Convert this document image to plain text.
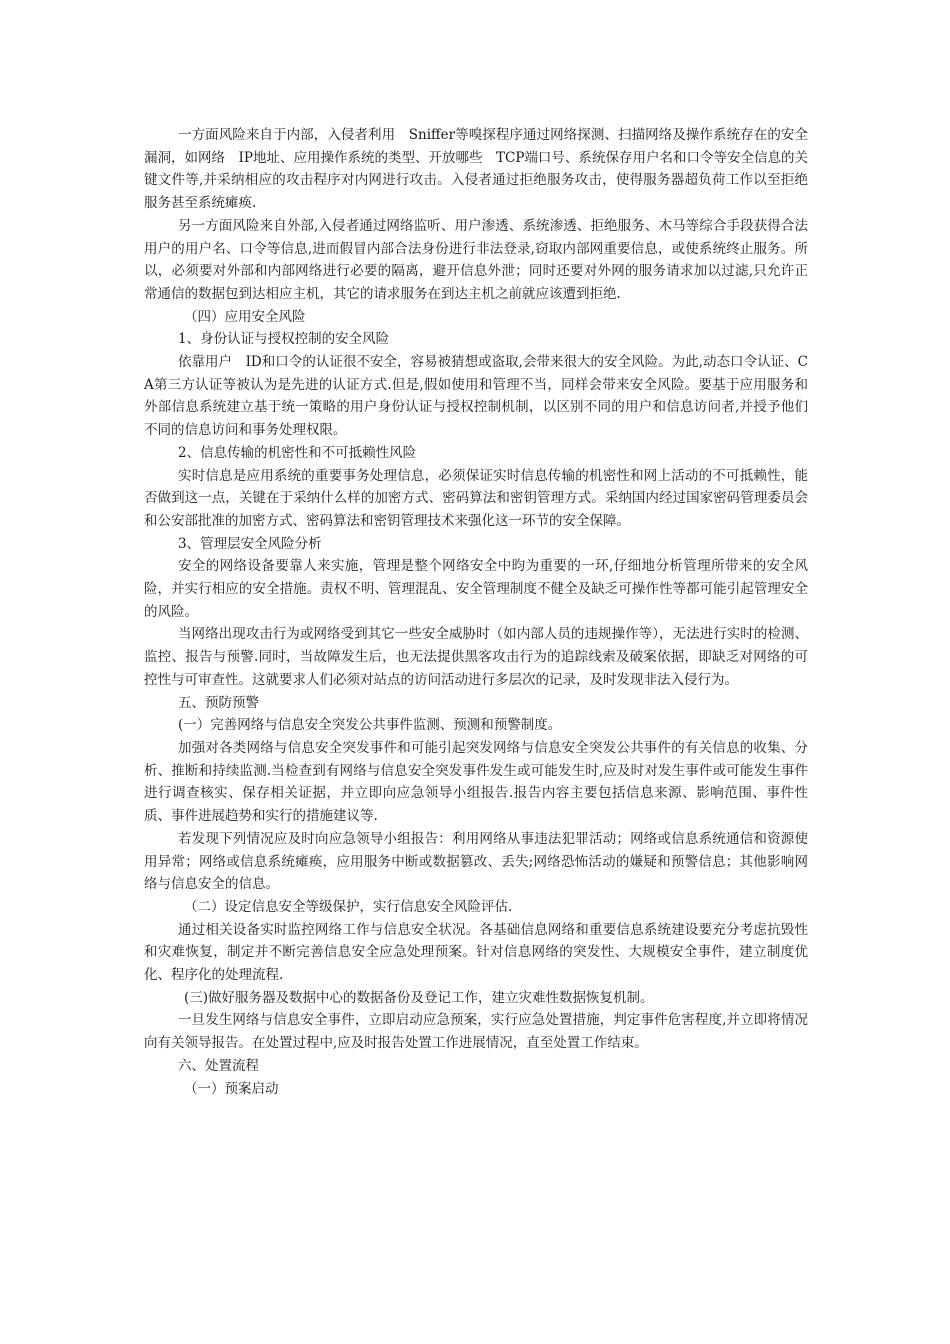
一方面风险来自于内部，入侵者利用　Sniffer等嗅探程序通过网络探测、扫描网络及操作系统存在的安全漏洞，如网络　IP地址、应用操作系统的类型、开放哪些　TCP端口号、系统保存用户名和口令等安全信息的关键文件等,并采纳相应的攻击程序对内网进行攻击。入侵者通过拒绝服务攻击，使得服务器超负荷工作以至拒绝服务甚至系统瘫痪.

另一方面风险来自外部,入侵者通过网络监听、用户渗透、系统渗透、拒绝服务、木马等综合手段获得合法用户的用户名、口令等信息,进而假冒内部合法身份进行非法登录,窃取内部网重要信息，或使系统终止服务。所以，必须要对外部和内部网络进行必要的隔离，避开信息外泄；同时还要对外网的服务请求加以过滤,只允许正常通信的数据包到达相应主机，其它的请求服务在到达主机之前就应该遭到拒绝.

（四）应用安全风险

1、身份认证与授权控制的安全风险

依靠用户　ID和口令的认证很不安全，容易被猜想或盗取,会带来很大的安全风险。为此,动态口令认证、CA第三方认证等被认为是先进的认证方式.但是,假如使用和管理不当，同样会带来安全风险。要基于应用服务和外部信息系统建立基于统一策略的用户身份认证与授权控制机制，以区别不同的用户和信息访问者,并授予他们不同的信息访问和事务处理权限。

2、信息传输的机密性和不可抵赖性风险

实时信息是应用系统的重要事务处理信息，必须保证实时信息传输的机密性和网上活动的不可抵赖性，能否做到这一点，关键在于采纳什么样的加密方式、密码算法和密钥管理方式。采纳国内经过国家密码管理委员会和公安部批准的加密方式、密码算法和密钥管理技术来强化这一环节的安全保障。

3、管理层安全风险分析

安全的网络设备要靠人来实施，管理是整个网络安全中昀为重要的一环,仔细地分析管理所带来的安全风险，并实行相应的安全措施。责权不明、管理混乱、安全管理制度不健全及缺乏可操作性等都可能引起管理安全的风险。

当网络出现攻击行为或网络受到其它一些安全威胁时（如内部人员的违规操作等），无法进行实时的检测、监控、报告与预警.同时，当故障发生后，也无法提供黑客攻击行为的追踪线索及破案依据，即缺乏对网络的可控性与可审查性。这就要求人们必须对站点的访问活动进行多层次的记录，及时发现非法入侵行为。

五、预防预警

(一）完善网络与信息安全突发公共事件监测、预测和预警制度。

加强对各类网络与信息安全突发事件和可能引起突发网络与信息安全突发公共事件的有关信息的收集、分析、推断和持续监测.当检查到有网络与信息安全突发事件发生或可能发生时,应及时对发生事件或可能发生事件进行调查核实、保存相关证据，并立即向应急领导小组报告.报告内容主要包括信息来源、影响范围、事件性质、事件进展趋势和实行的措施建议等.

若发现下列情况应及时向应急领导小组报告：利用网络从事违法犯罪活动；网络或信息系统通信和资源使用异常；网络或信息系统瘫痪，应用服务中断或数据篡改、丢失;网络恐怖活动的嫌疑和预警信息；其他影响网络与信息安全的信息。

（二）设定信息安全等级保护，实行信息安全风险评估.

通过相关设备实时监控网络工作与信息安全状况。各基础信息网络和重要信息系统建设要充分考虑抗毁性和灾难恢复，制定并不断完善信息安全应急处理预案。针对信息网络的突发性、大规模安全事件，建立制度优化、程序化的处理流程.

(三)做好服务器及数据中心的数据备份及登记工作，建立灾难性数据恢复机制。

一旦发生网络与信息安全事件，立即启动应急预案，实行应急处置措施，判定事件危害程度,并立即将情况向有关领导报告。在处置过程中,应及时报告处置工作进展情况，直至处置工作结束。

六、处置流程

（一）预案启动
